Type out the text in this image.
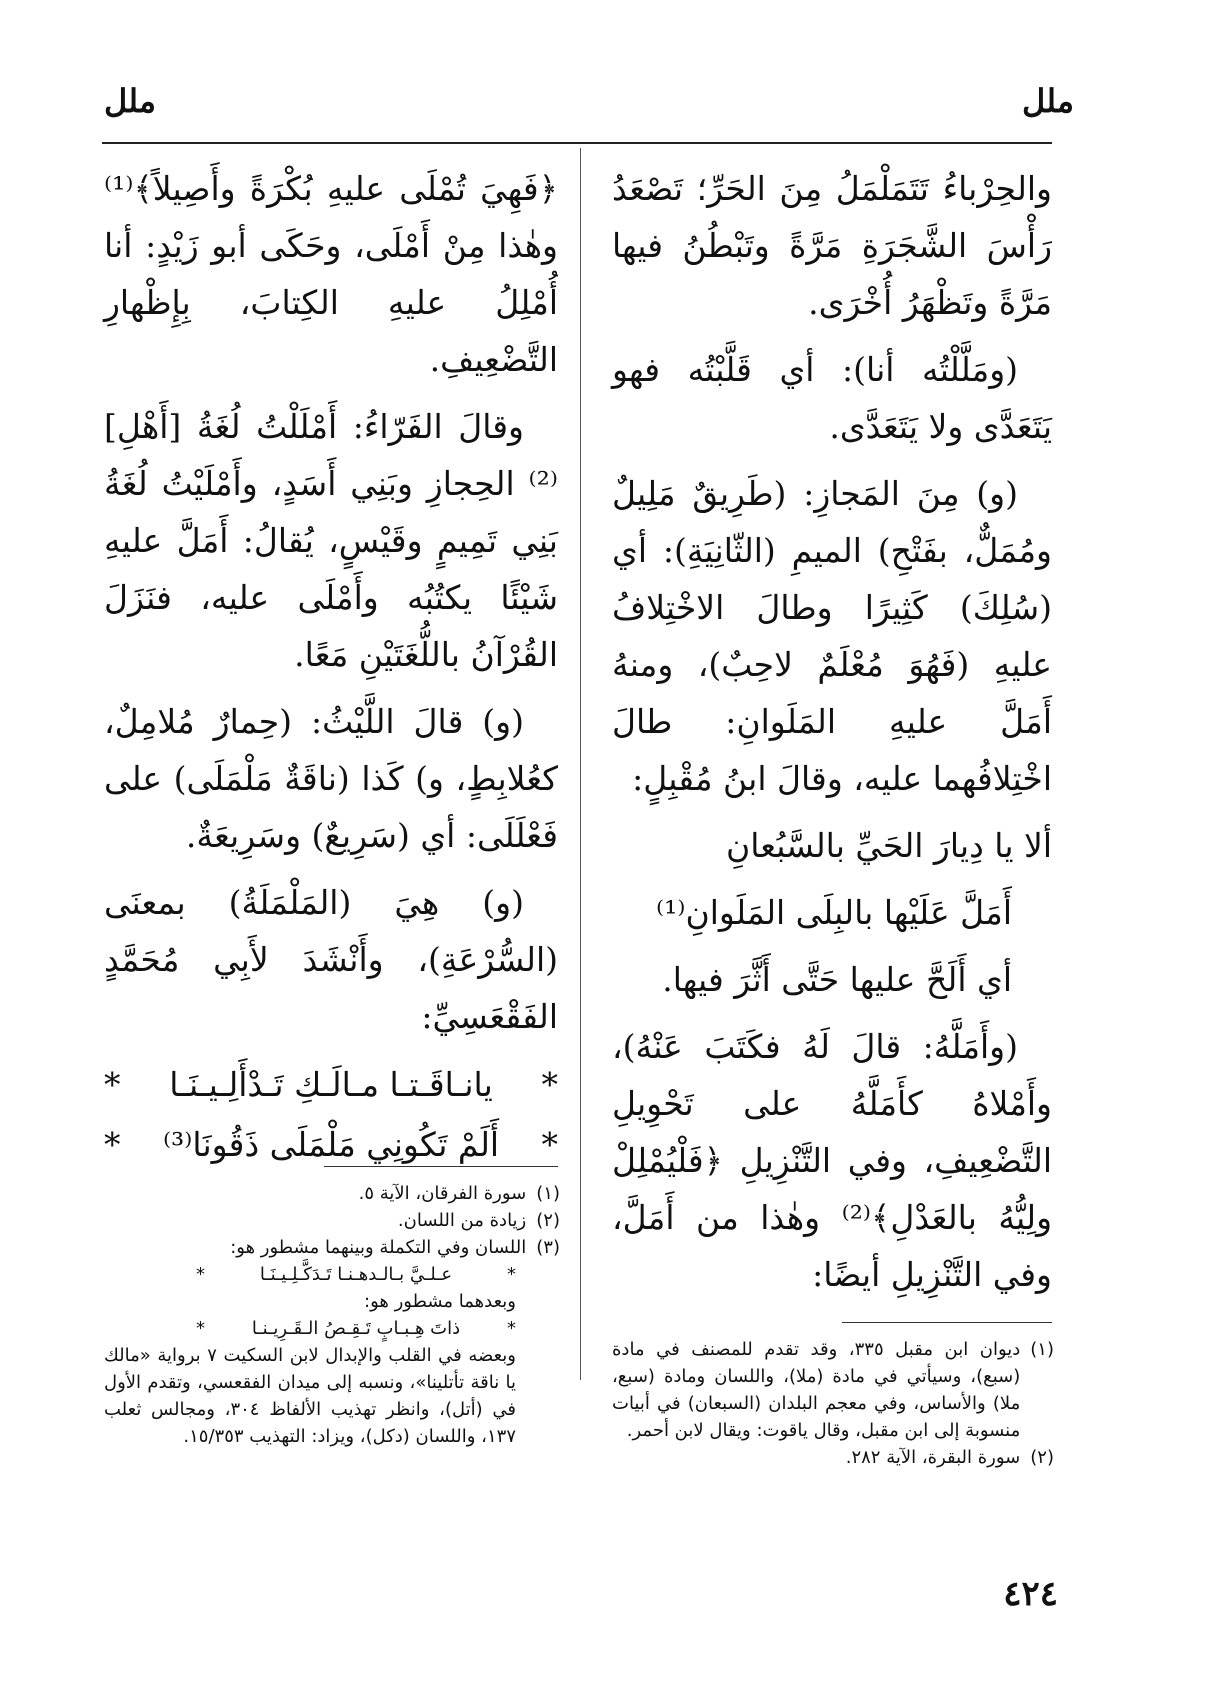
ملل
ملل

والحِرْباءُ تَتَمَلْمَلُ مِنَ الحَرِّ؛ تَصْعَدُ رَأْسَ الشَّجَرَةِ مَرَّةً وتَبْطُنُ فيها مَرَّةً وتَظْهَرُ أُخْرَى.

(ومَلَّلْتُه أنا): أي قَلَّبْتُه فهو يَتَعَدَّى ولا يَتَعَدَّى.

(و) مِنَ المَجازِ: (طَرِيقٌ مَلِيلٌ ومُمَلٌّ، بفَتْحِ) الميمِ (الثّانِيَةِ): أي (سُلِكَ) كَثِيرًا وطالَ الاخْتِلافُ عليهِ (فَهُوَ مُعْلَمٌ لاحِبٌ)، ومنهُ أَمَلَّ عليهِ المَلَوانِ: طالَ اخْتِلافُهما عليه، وقالَ ابنُ مُقْبِلٍ:

ألا يا دِيارَ الحَيِّ بالسَّبُعانِ

أَمَلَّ عَلَيْها بالبِلَى المَلَوانِ⁽¹⁾

أي أَلَحَّ عليها حَتَّى أَثَّرَ فيها.

(وأَمَلَّهُ: قالَ لَهُ فكَتَبَ عَنْهُ)، وأَمْلاهُ كأَمَلَّهُ على تَحْوِيلِ التَّضْعِيفِ، وفي التَّنْزِيلِ ﴿فَلْيُمْلِلْ ولِيُّهُ بالعَدْلِ﴾⁽²⁾ وهٰذا من أَمَلَّ، وفي التَّنْزِيلِ أيضًا:

﴿فَهِيَ تُمْلَى عليهِ بُكْرَةً وأَصِيلاً﴾⁽¹⁾ وهٰذا مِنْ أَمْلَى، وحَكَى أبو زَيْدٍ: أنا أُمْلِلُ عليهِ الكِتابَ، بِإِظْهارِ التَّضْعِيفِ.

وقالَ الفَرّاءُ: أَمْلَلْتُ لُغَةُ [أَهْلِ]⁽²⁾ الحِجازِ وبَنِي أَسَدٍ، وأَمْلَيْتُ لُغَةُ بَنِي تَمِيمٍ وقَيْسٍ، يُقالُ: أَمَلَّ عليهِ شَيْئًا يكتُبُه وأَمْلَى عليه، فنَزَلَ القُرْآنُ باللُّغَتَيْنِ مَعًا.

(و) قالَ اللَّيْثُ: (حِمارٌ مُلامِلٌ، كعُلابِطٍ، و) كَذا (ناقَةٌ مَلْمَلَى) على فَعْلَلَى: أي (سَرِيعٌ) وسَرِيعَةٌ.

(و) هِيَ (المَلْمَلَةُ) بمعنَى (السُّرْعَةِ)، وأَنْشَدَ لأَبِي مُحَمَّدٍ الفَقْعَسِيِّ:

*
يانـاقَـتـا مـالَـكِ تَـدْأَلِـيـنَـا
*
*
أَلَمْ تَكُونِي مَلْمَلَى ذَقُونَا⁽³⁾
*
(١)
ديوان ابن مقبل ٣٣٥، وقد تقدم للمصنف في مادة (سبع)، وسيأتي في مادة (ملا)، واللسان ومادة (سبع، ملا) والأساس، وفي معجم البلدان (السبعان) في أبيات منسوبة إلى ابن مقبل، وقال ياقوت: ويقال لابن أحمر.
(٢)
سورة البقرة، الآية ٢٨٢.
(١)
سورة الفرقان، الآية ٥.
(٢)
زيادة من اللسان.
(٣)
اللسان وفي التكملة وبينهما مشطور هو:
*
عـلـيَّ بـالـدهـنـا تَـدَكَّـلِـيـنَـا
*
وبعدهما مشطور هو:
*
ذاتَ هِـبـابٍ تَـقِـصُ الـقَـرِيـنـا
*
وبعضه في القلب والإبدال لابن السكيت ٧ برواية «مالك يا ناقة تأتلينا»، ونسبه إلى ميدان الفقعسي، وتقدم الأول في (أتل)، وانظر تهذيب الألفاظ ٣٠٤، ومجالس ثعلب ١٣٧، واللسان (دكل)، ويزاد: التهذيب ١٥/٣٥٣.
٤٢٤
